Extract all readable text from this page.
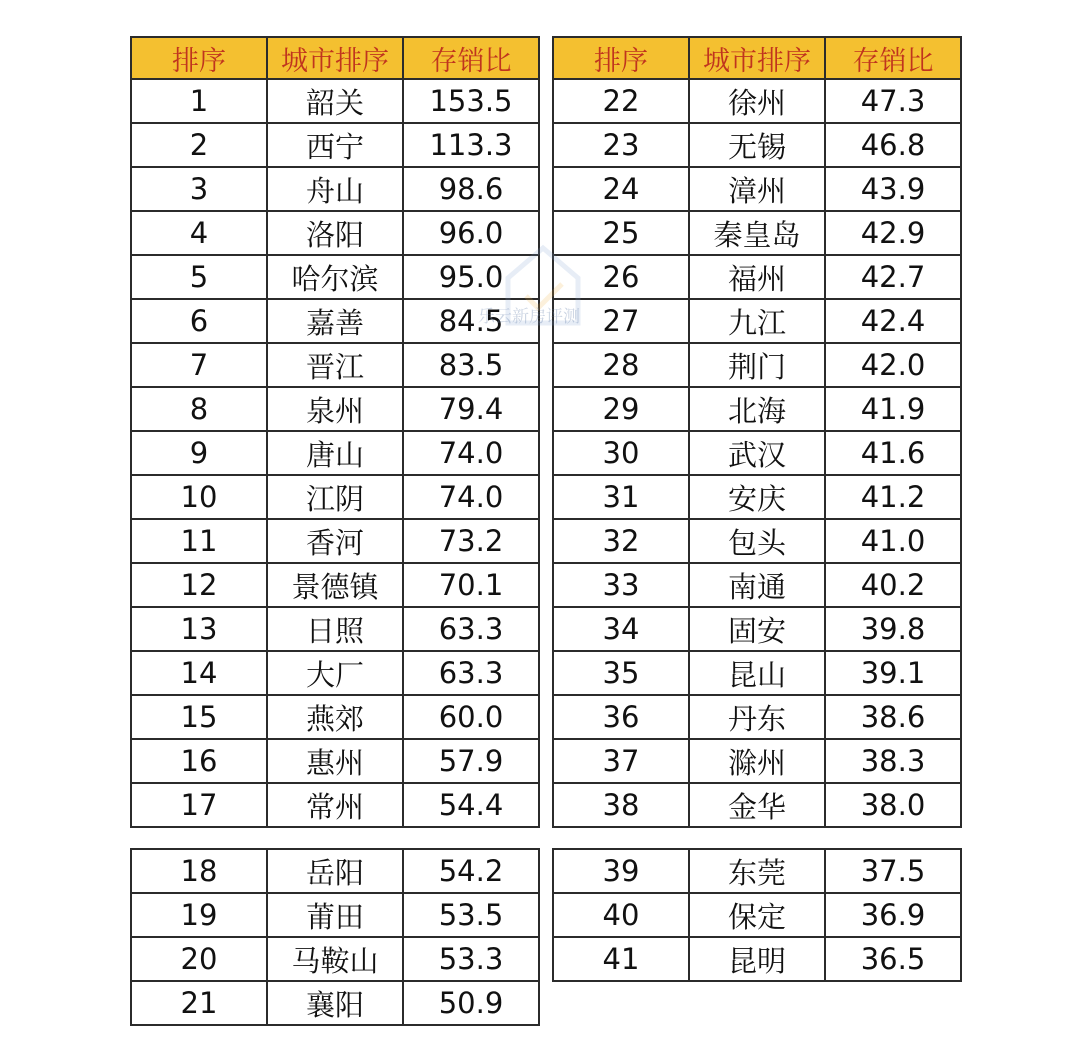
排序	城市排序	存销比
1	韶关	153.5
2	西宁	113.3
3	舟山	98.6
4	洛阳	96.0
5	哈尔滨	95.0
6	嘉善	84.5
7	晋江	83.5
8	泉州	79.4
9	唐山	74.0
10	江阴	74.0
11	香河	73.2
12	景德镇	70.1
13	日照	63.3
14	大厂	63.3
15	燕郊	60.0
16	惠州	57.9
17	常州	54.4
排序	城市排序	存销比
22	徐州	47.3
23	无锡	46.8
24	漳州	43.9
25	秦皇岛	42.9
26	福州	42.7
27	九江	42.4
28	荆门	42.0
29	北海	41.9
30	武汉	41.6
31	安庆	41.2
32	包头	41.0
33	南通	40.2
34	固安	39.8
35	昆山	39.1
36	丹东	38.6
37	滁州	38.3
38	金华	38.0
18	岳阳	54.2
19	莆田	53.5
20	马鞍山	53.3
21	襄阳	50.9
39	东莞	37.5
40	保定	36.9
41	昆明	36.5
乐云新房评测
